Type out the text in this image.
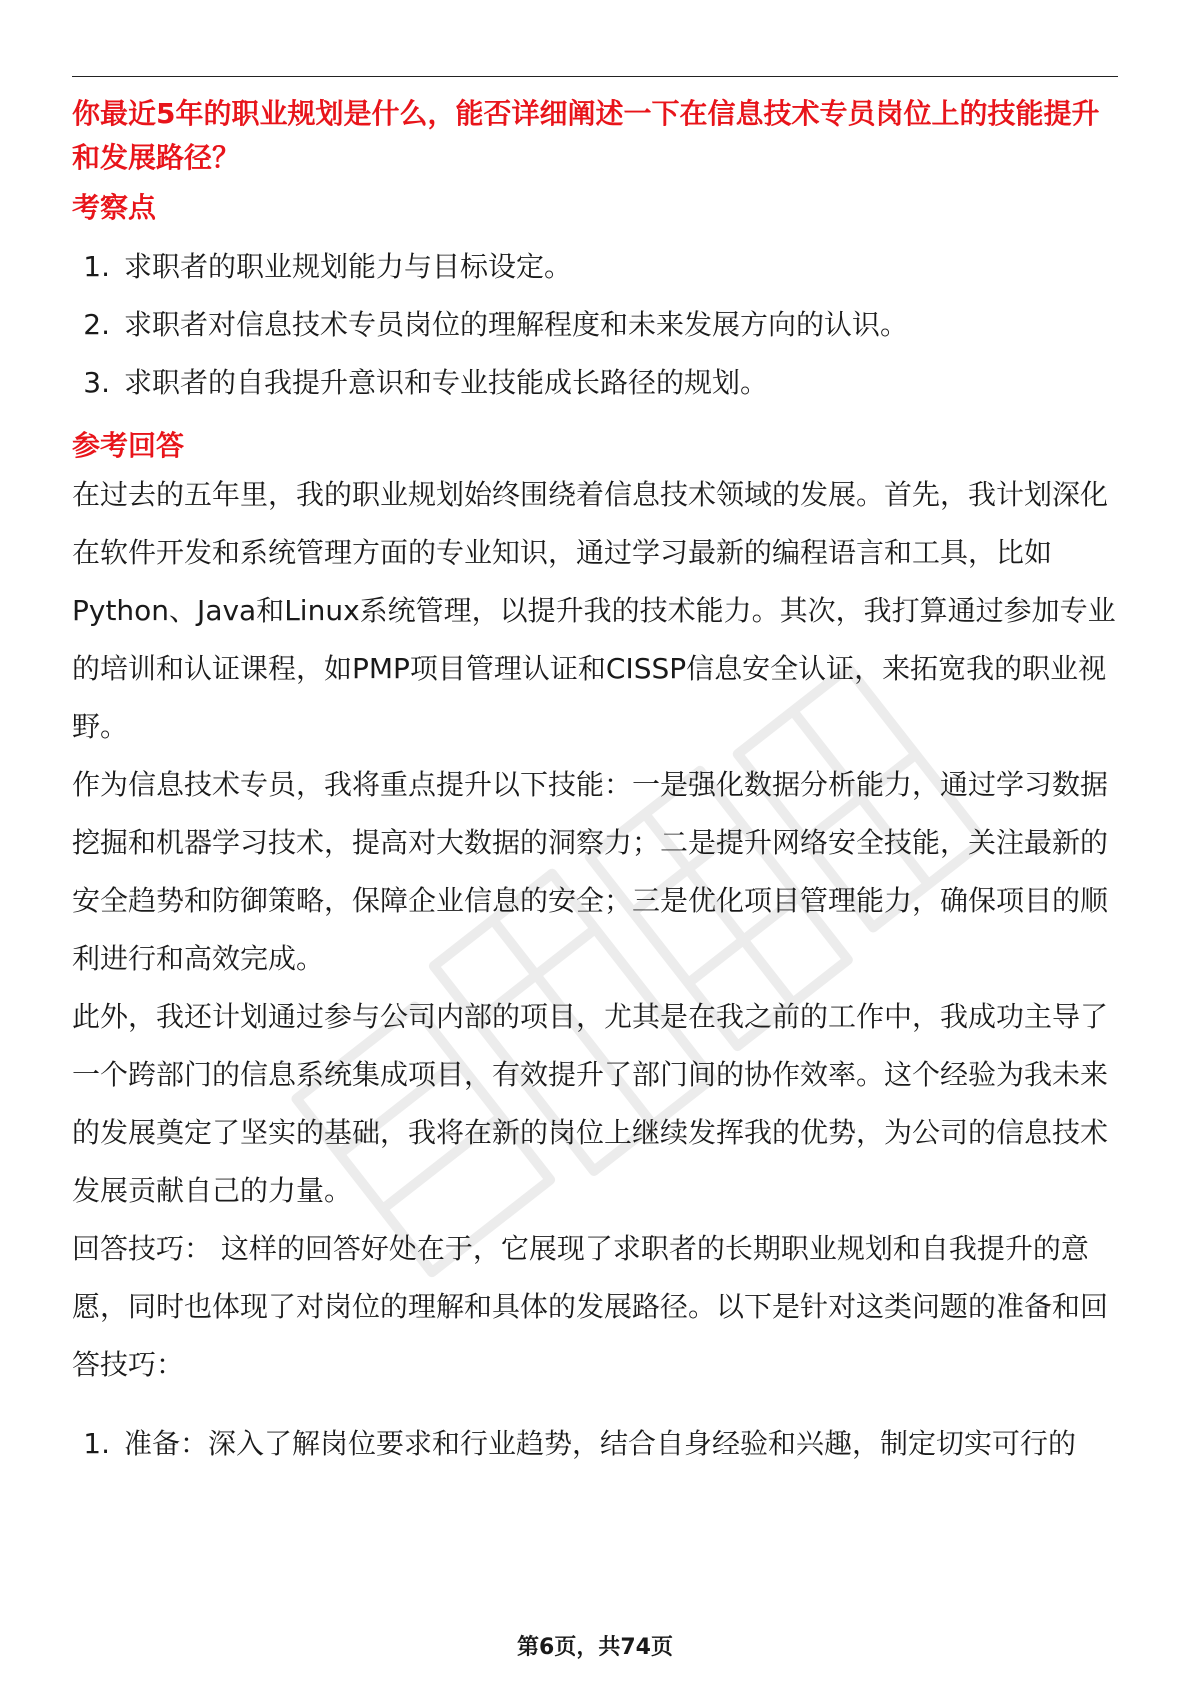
你最近5年的职业规划是什么，能否详细阐述一下在信息技术专员岗位上的技能提升和发展路径？
考察点
1. 求职者的职业规划能力与目标设定。
2. 求职者对信息技术专员岗位的理解程度和未来发展方向的认识。
3. 求职者的自我提升意识和专业技能成长路径的规划。
参考回答

在过去的五年里，我的职业规划始终围绕着信息技术领域的发展。首先，我计划深化在软件开发和系统管理方面的专业知识，通过学习最新的编程语言和工具，比如Python、Java和Linux系统管理，以提升我的技术能力。其次，我打算通过参加专业的培训和认证课程，如PMP项目管理认证和CISSP信息安全认证，来拓宽我的职业视野。

作为信息技术专员，我将重点提升以下技能：一是强化数据分析能力，通过学习数据挖掘和机器学习技术，提高对大数据的洞察力；二是提升网络安全技能，关注最新的安全趋势和防御策略，保障企业信息的安全；三是优化项目管理能力，确保项目的顺利进行和高效完成。

此外，我还计划通过参与公司内部的项目，尤其是在我之前的工作中，我成功主导了一个跨部门的信息系统集成项目，有效提升了部门间的协作效率。这个经验为我未来的发展奠定了坚实的基础，我将在新的岗位上继续发挥我的优势，为公司的信息技术发展贡献自己的力量。

回答技巧： 这样的回答好处在于，它展现了求职者的长期职业规划和自我提升的意愿，同时也体现了对岗位的理解和具体的发展路径。以下是针对这类问题的准备和回答技巧：

1. 准备：深入了解岗位要求和行业趋势，结合自身经验和兴趣，制定切实可行的
第6页，共74页
